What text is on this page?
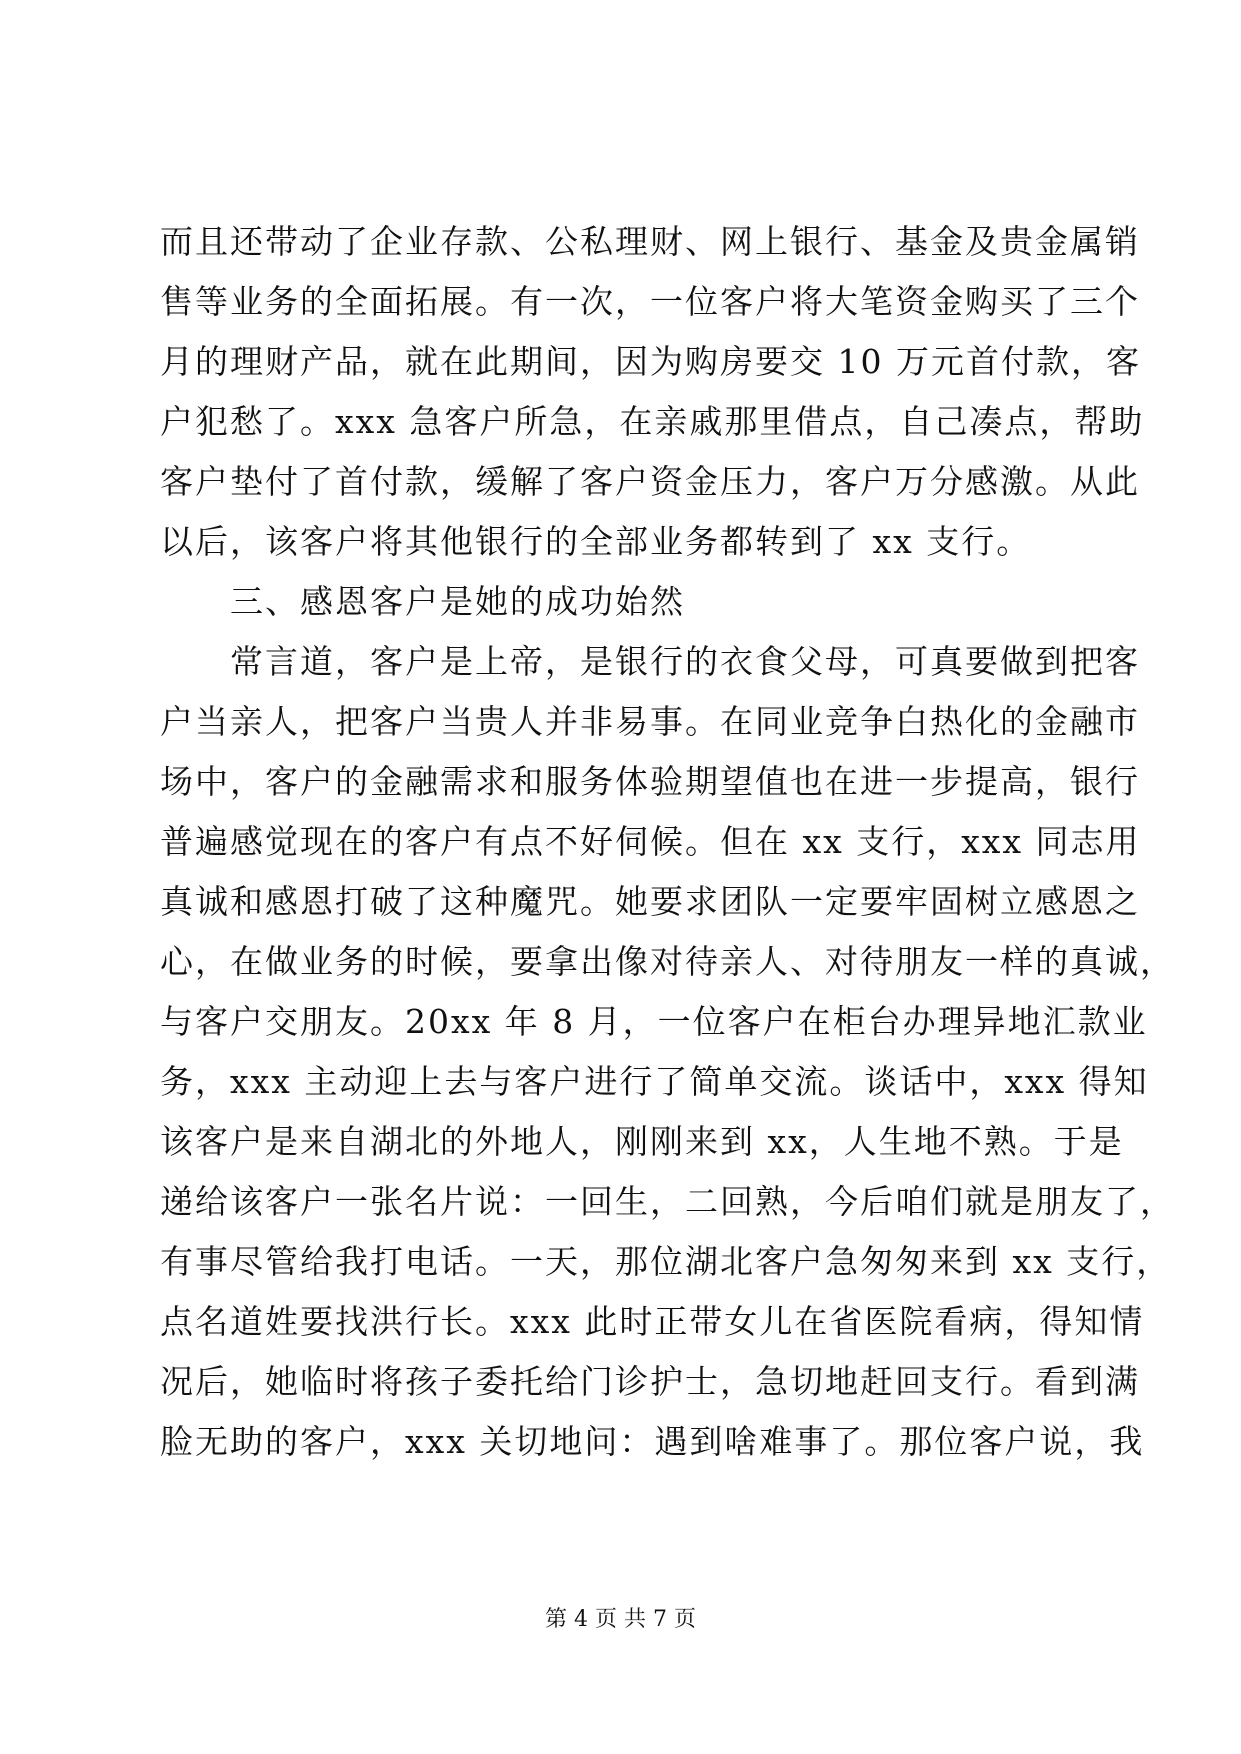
而且还带动了企业存款、公私理财、网上银行、基金及贵金属销
售等业务的全面拓展。有一次，一位客户将大笔资金购买了三个
月的理财产品，就在此期间，因为购房要交 10 万元首付款，客
户犯愁了。xxx 急客户所急，在亲戚那里借点，自己凑点，帮助
客户垫付了首付款，缓解了客户资金压力，客户万分感激。从此
以后，该客户将其他银行的全部业务都转到了 xx 支行。
三、感恩客户是她的成功始然
常言道，客户是上帝，是银行的衣食父母，可真要做到把客
户当亲人，把客户当贵人并非易事。在同业竞争白热化的金融市
场中，客户的金融需求和服务体验期望值也在进一步提高，银行
普遍感觉现在的客户有点不好伺候。但在 xx 支行，xxx 同志用
真诚和感恩打破了这种魔咒。她要求团队一定要牢固树立感恩之
心，在做业务的时候，要拿出像对待亲人、对待朋友一样的真诚，
与客户交朋友。20xx 年 8 月，一位客户在柜台办理异地汇款业
务，xxx 主动迎上去与客户进行了简单交流。谈话中，xxx 得知
该客户是来自湖北的外地人，刚刚来到 xx，人生地不熟。于是
递给该客户一张名片说：一回生，二回熟，今后咱们就是朋友了，
有事尽管给我打电话。一天，那位湖北客户急匆匆来到 xx 支行，
点名道姓要找洪行长。xxx 此时正带女儿在省医院看病，得知情
况后，她临时将孩子委托给门诊护士，急切地赶回支行。看到满
脸无助的客户，xxx 关切地问：遇到啥难事了。那位客户说，我
第 4 页 共 7 页
